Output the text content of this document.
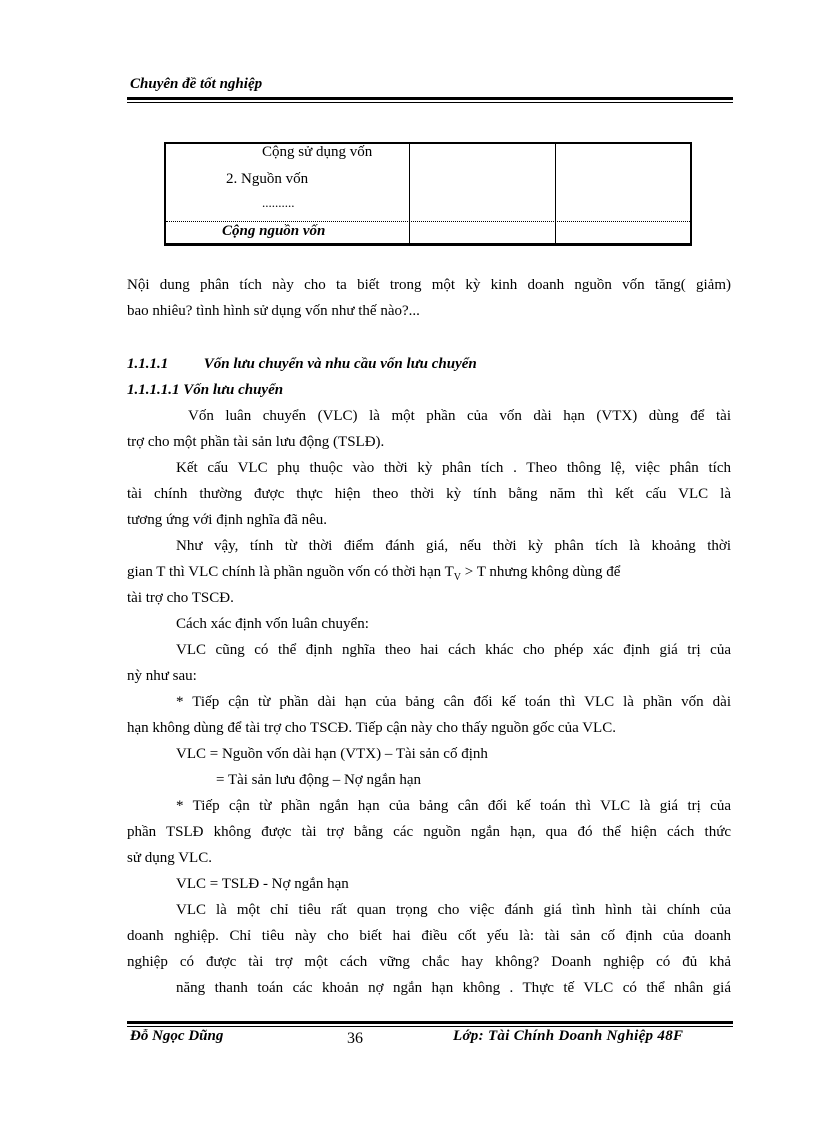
Chuyên đề tốt nghiệp
Cộng sử dụng vốn
2. Nguồn vốn
..........
Cộng nguồn vốn
Nội dung phân tích này cho ta biết trong một kỳ kinh doanh nguồn vốn tăng( giảm)
bao nhiêu? tình hình sử dụng vốn như thế nào?...
1.1.1.1 Vốn lưu chuyển và nhu cầu vốn lưu chuyển
1.1.1.1.1 Vốn lưu chuyển
Vốn luân chuyển (VLC) là một phần của vốn dài hạn (VTX) dùng để tài
trợ cho một phần tài sản lưu động (TSLĐ).
Kết cấu VLC phụ thuộc vào thời kỳ phân tích . Theo thông lệ, việc phân tích
tài chính thường được thực hiện theo thời kỳ tính bằng năm thì kết cấu VLC là
tương ứng với định nghĩa đã nêu.
Như vậy, tính từ thời điểm đánh giá, nếu thời kỳ phân tích là khoảng thời
gian T thì VLC chính là phần nguồn vốn có thời hạn $T_V > T$ nhưng không dùng để
tài trợ cho TSCĐ.
Cách xác định vốn luân chuyển:
VLC cũng có thể định nghĩa theo hai cách khác cho phép xác định giá trị của
nỳ như sau:
* Tiếp cận từ phần dài hạn của bảng cân đối kế toán thì VLC là phần vốn dài
hạn không dùng để tài trợ cho TSCĐ. Tiếp cận này cho thấy nguồn gốc của VLC.
VLC = Nguồn vốn dài hạn (VTX) – Tài sản cố định
= Tài sản lưu động – Nợ ngắn hạn
* Tiếp cận từ phần ngắn hạn của bảng cân đối kế toán thì VLC là giá trị của
phần TSLĐ không được tài trợ bằng các nguồn ngắn hạn, qua đó thể hiện cách thức
sử dụng VLC.
VLC = TSLĐ - Nợ ngắn hạn
VLC là một chỉ tiêu rất quan trọng cho việc đánh giá tình hình tài chính của
doanh nghiệp. Chỉ tiêu này cho biết hai điều cốt yếu là: tài sản cố định của doanh
nghiệp có được tài trợ một cách vững chắc hay không? Doanh nghiệp có đủ khả
năng thanh toán các khoản nợ ngắn hạn không . Thực tế VLC có thể nhân giá
Đỗ Ngọc Dũng	36	Lớp: Tài Chính Doanh Nghiệp 48F
